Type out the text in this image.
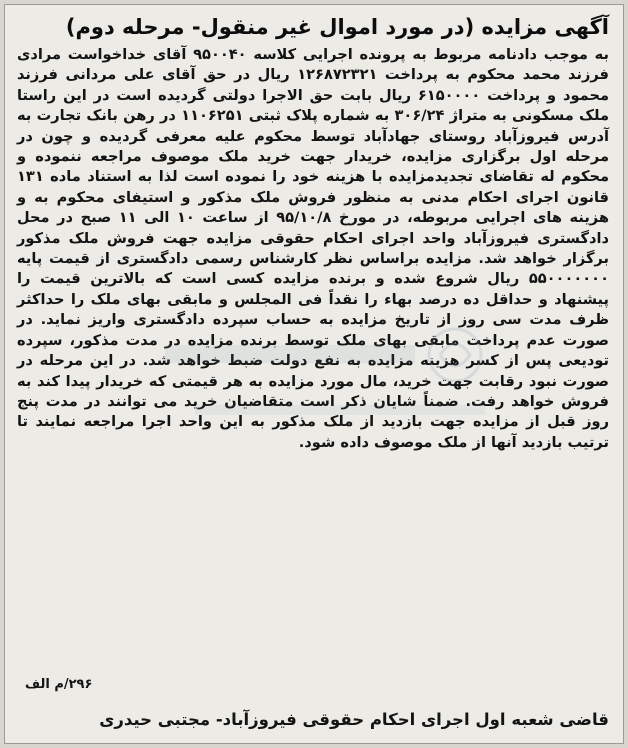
آگهی مزایده (در مورد اموال غیر منقول- مرحله دوم)

به موجب دادنامه مربوط به پرونده اجرایی کلاسه ۹۵۰۰۴۰ آقای خداخواست مرادی فرزند محمد محکوم به پرداخت ۱۲۶۸۷۲۳۲۱ ریال در حق آقای علی مردانی فرزند محمود و پرداخت ۶۱۵۰۰۰۰ ریال بابت حق الاجرا دولتی گردیده است در این راستا ملک مسکونی به متراژ ۳۰۶/۲۴ به شماره پلاک ثبتی ۱۱۰۶۲۵۱ در رهن بانک تجارت به آدرس فیروزآباد روستای جهادآباد توسط محکوم علیه معرفی گردیده و چون در مرحله اول برگزاری مزایده، خریدار جهت خرید ملک موصوف مراجعه ننموده و محکوم له تقاضای تجدیدمزایده با هزینه خود را نموده است لذا به استناد ماده ۱۳۱ قانون اجرای احکام مدنی به منظور فروش ملک مذکور و استیفای محکوم به و هزینه های اجرایی مربوطه، در مورخ ۹۵/۱۰/۸ از ساعت ۱۰ الی ۱۱ صبح در محل دادگستری فیروزآباد واحد اجرای احکام حقوقی مزایده جهت فروش ملک مذکور برگزار خواهد شد. مزایده براساس نظر کارشناس رسمی دادگستری از قیمت پایه ۵۵۰۰۰۰۰۰۰ ریال شروع شده و برنده مزایده کسی است که بالاترین قیمت را پیشنهاد و حداقل ده درصد بهاء را نقداً فی المجلس و مابقی بهای ملک را حداکثر ظرف مدت سی روز از تاریخ مزایده به حساب سپرده دادگستری واریز نماید. در صورت عدم پرداخت مابقی بهای ملک توسط برنده مزایده در مدت مذکور، سپرده تودیعی پس از کسر هزینه مزایده به نفع دولت ضبط خواهد شد. در این مرحله در صورت نبود رقابت جهت خرید، مال مورد مزایده به هر قیمتی که خریدار پیدا کند به فروش خواهد رفت. ضمناً شایان ذکر است متقاضیان خرید می توانند در مدت پنج روز قبل از مزایده جهت بازدید از ملک مذکور به این واحد اجرا مراجعه نمایند تا ترتیب بازدید آنها از ملک موصوف داده شود.

۲۹۶/م الف
قاضی شعبه اول اجرای احکام حقوقی فیروزآباد- مجتبی حیدری
